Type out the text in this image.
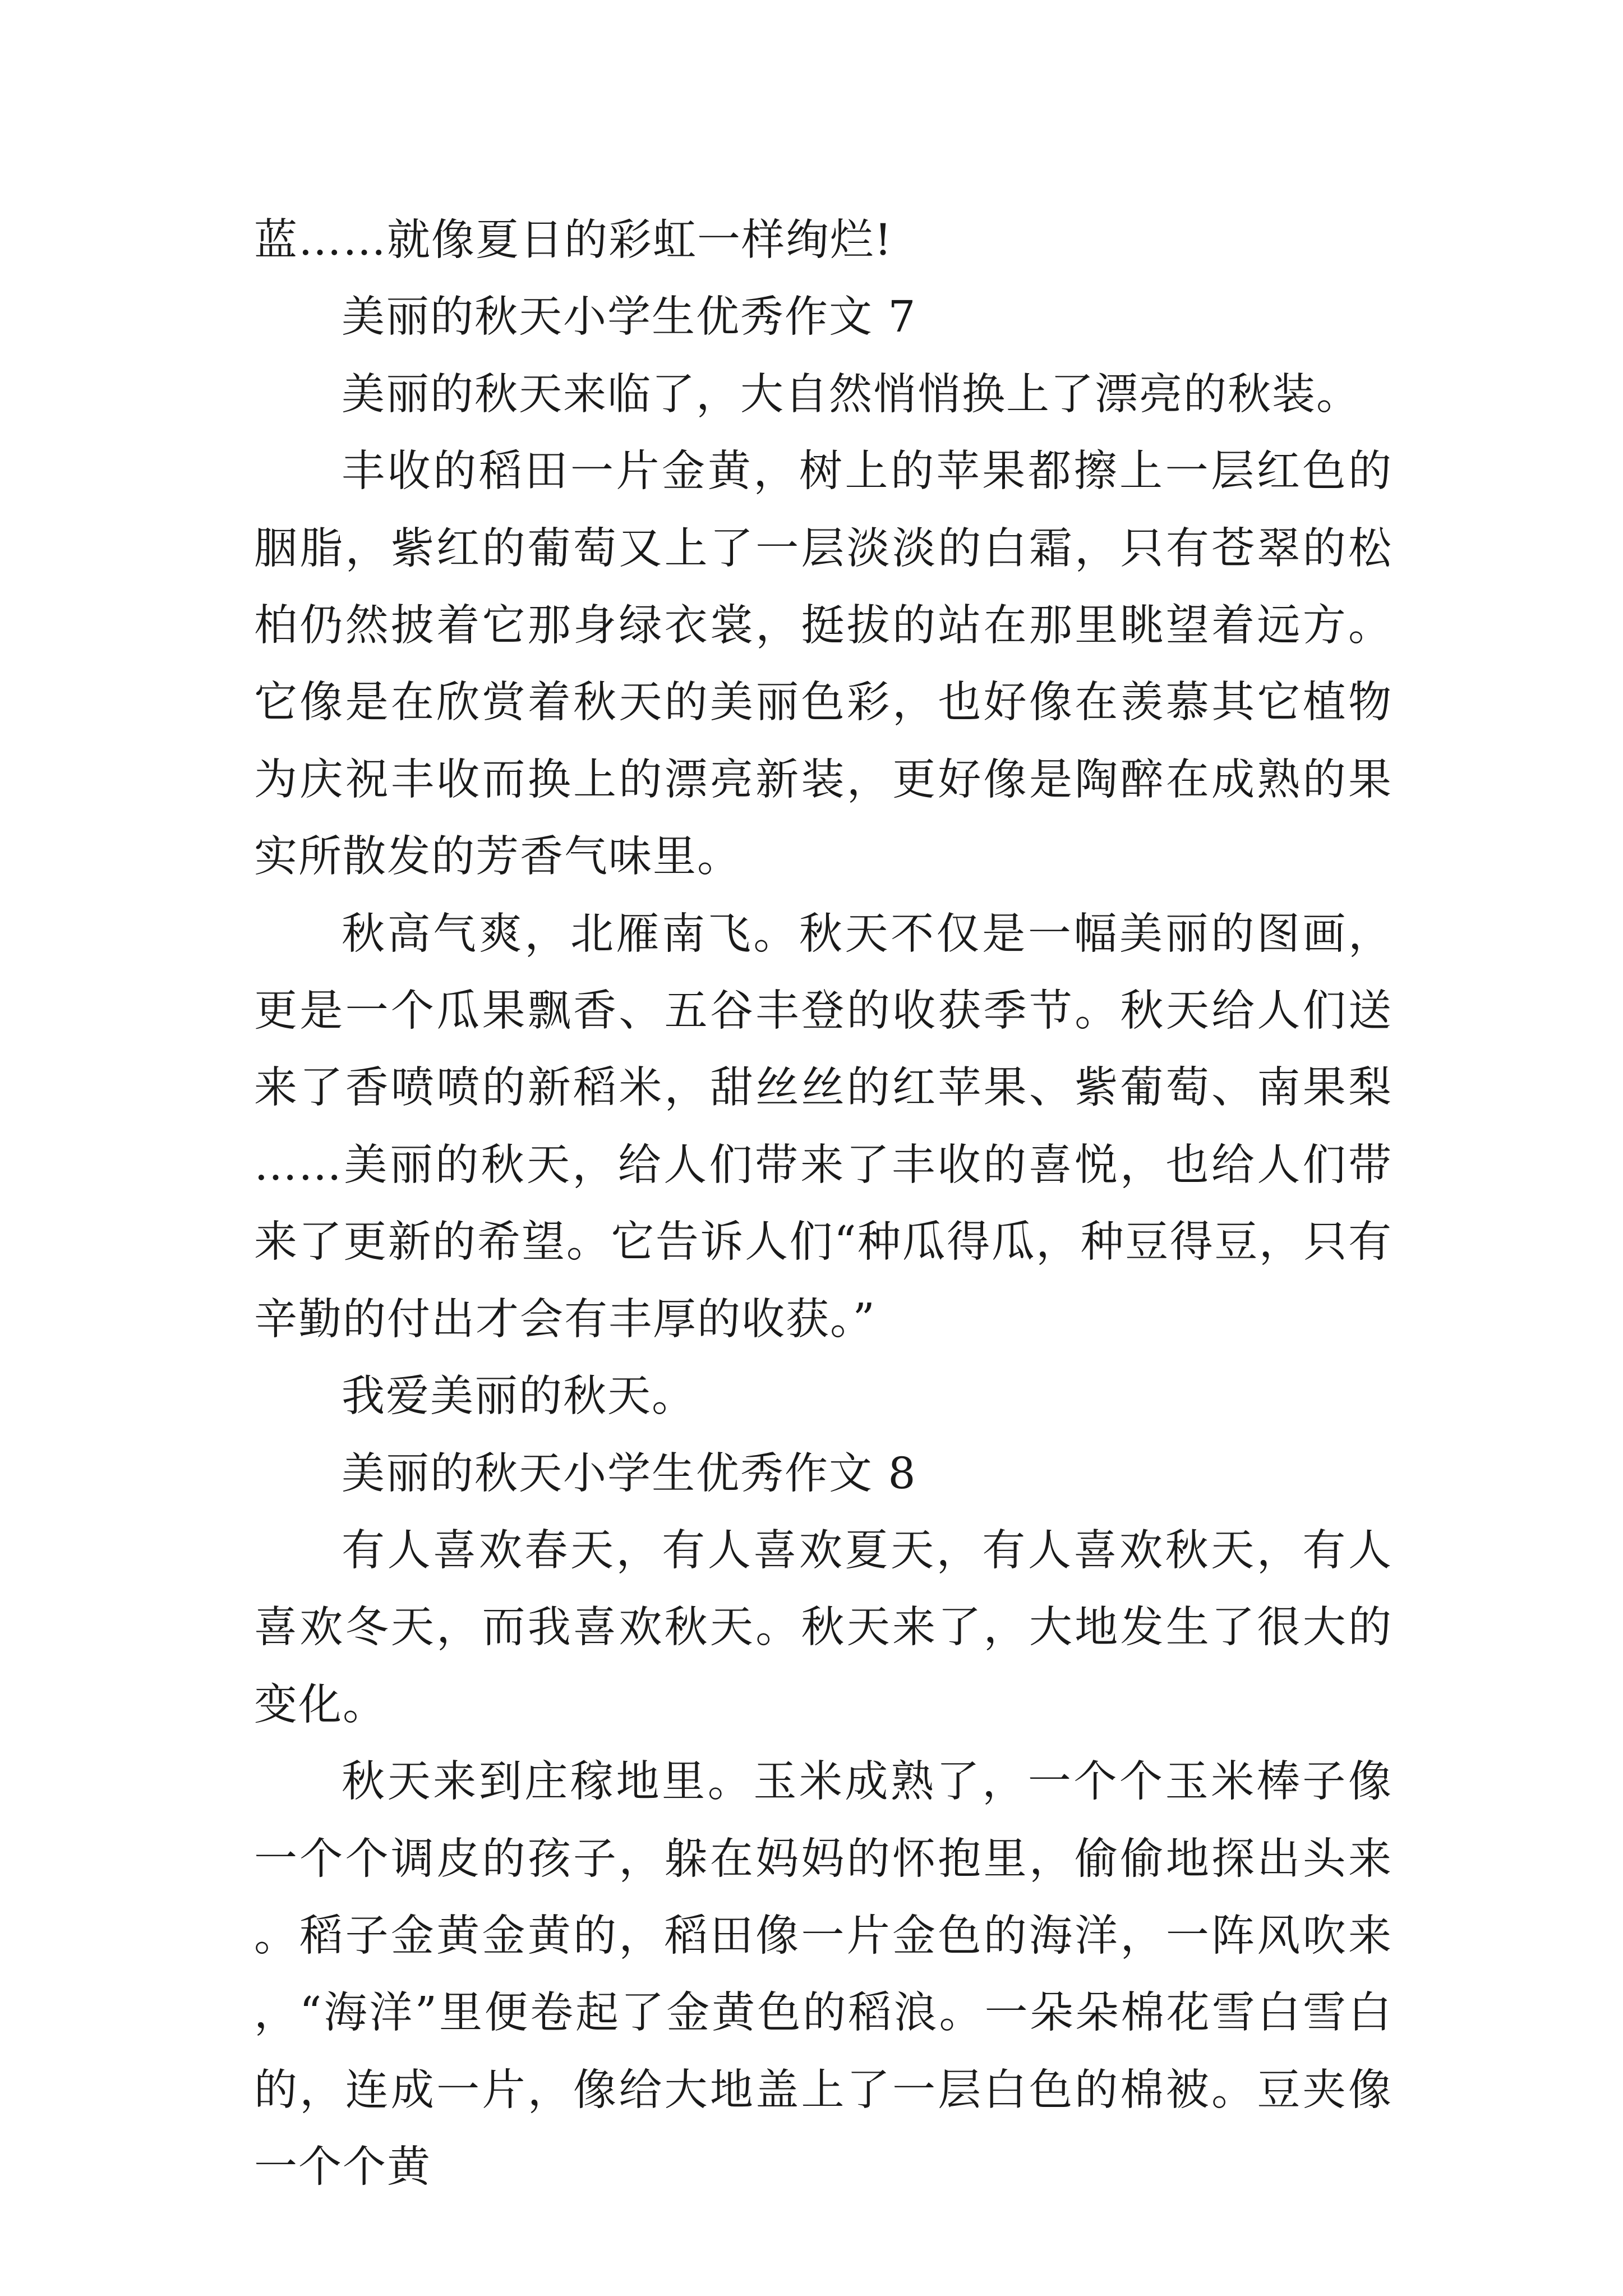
蓝……就像夏日的彩虹一样绚烂!

美丽的秋天小学生优秀作文 7

美丽的秋天来临了，大自然悄悄换上了漂亮的秋装。

丰收的稻田一片金黄，树上的苹果都擦上一层红色的胭脂，紫红的葡萄又上了一层淡淡的白霜，只有苍翠的松柏仍然披着它那身绿衣裳，挺拔的站在那里眺望着远方。它像是在欣赏着秋天的美丽色彩，也好像在羡慕其它植物为庆祝丰收而换上的漂亮新装，更好像是陶醉在成熟的果实所散发的芳香气味里。

秋高气爽，北雁南飞。秋天不仅是一幅美丽的图画，更是一个瓜果飘香、五谷丰登的收获季节。秋天给人们送来了香喷喷的新稻米，甜丝丝的红苹果、紫葡萄、南果梨……美丽的秋天，给人们带来了丰收的喜悦，也给人们带来了更新的希望。它告诉人们“种瓜得瓜，种豆得豆，只有辛勤的付出才会有丰厚的收获。”

我爱美丽的秋天。

美丽的秋天小学生优秀作文 8

有人喜欢春天，有人喜欢夏天，有人喜欢秋天，有人喜欢冬天，而我喜欢秋天。秋天来了，大地发生了很大的变化。

秋天来到庄稼地里。玉米成熟了，一个个玉米棒子像一个个调皮的孩子，躲在妈妈的怀抱里，偷偷地探出头来。稻子金黄金黄的，稻田像一片金色的海洋，一阵风吹来，“海洋”里便卷起了金黄色的稻浪。一朵朵棉花雪白雪白的，连成一片，像给大地盖上了一层白色的棉被。豆夹像一个个黄
